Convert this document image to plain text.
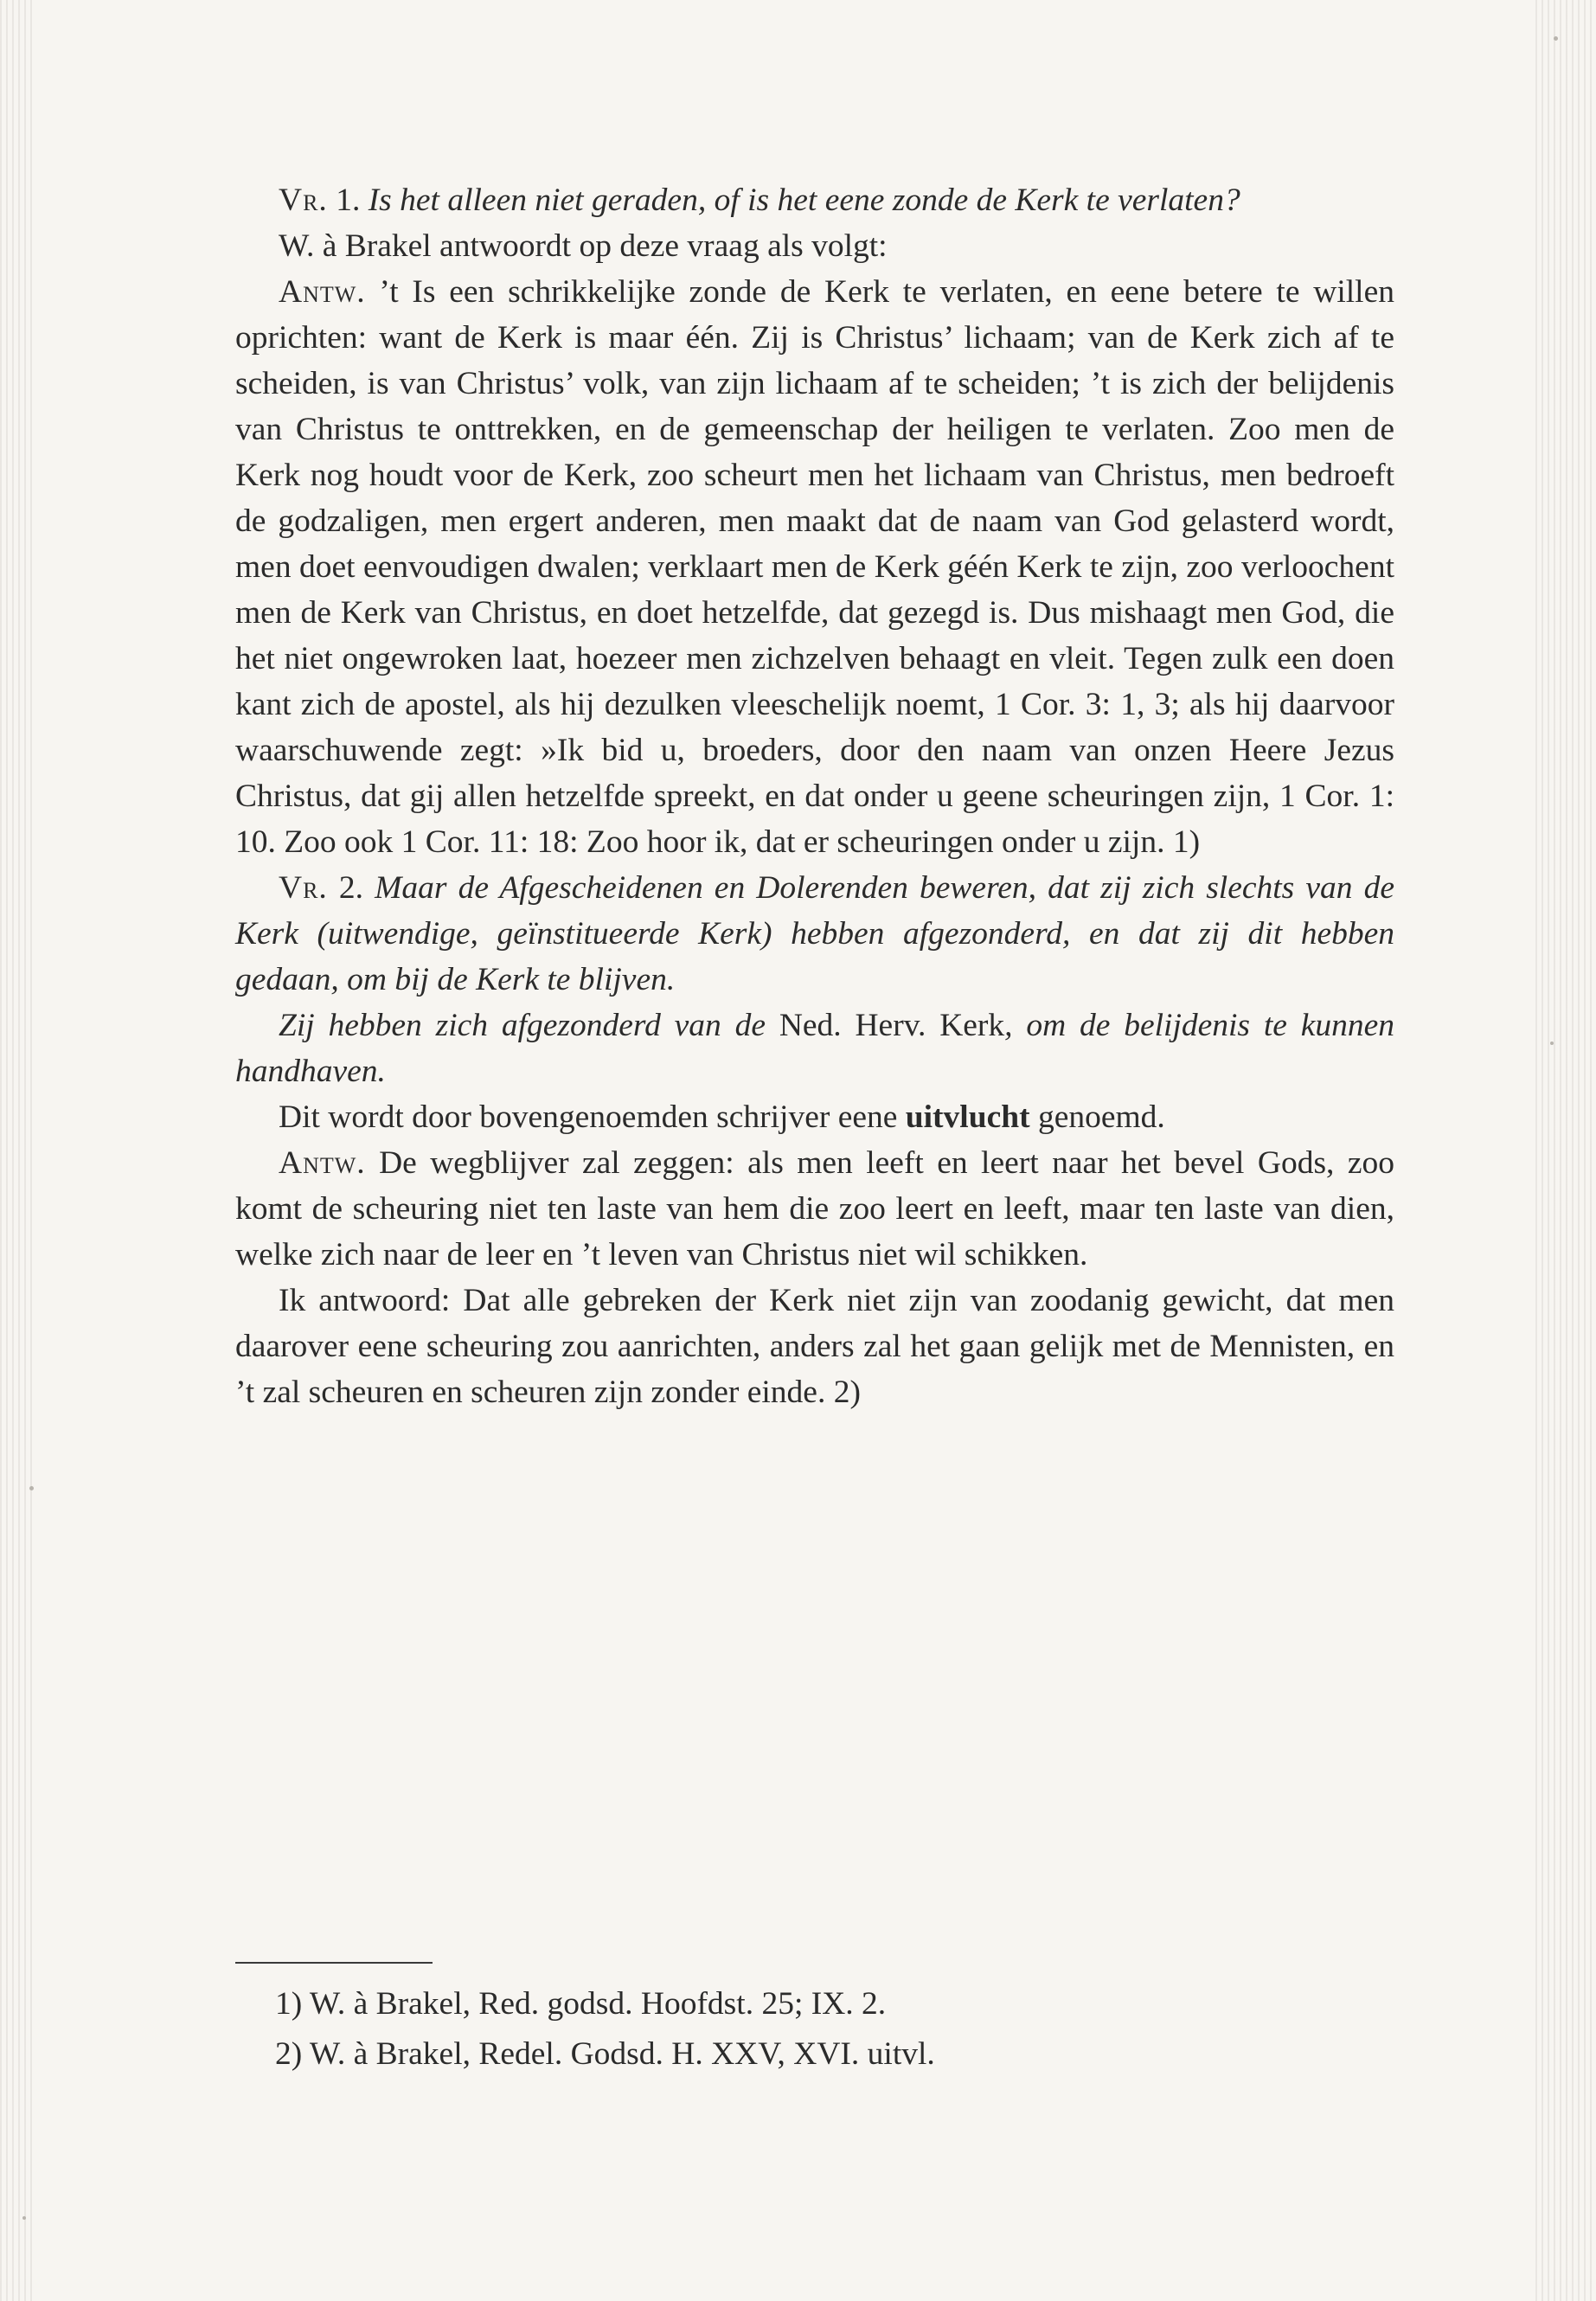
Vr. 1. Is het alleen niet geraden, of is het eene zonde de Kerk te verlaten?

W. à Brakel antwoordt op deze vraag als volgt:

Antw. ’t Is een schrikkelijke zonde de Kerk te verlaten, en eene betere te willen oprichten: want de Kerk is maar één. Zij is Christus’ lichaam; van de Kerk zich af te scheiden, is van Christus’ volk, van zijn lichaam af te scheiden; ’t is zich der belijdenis van Christus te onttrekken, en de gemeenschap der heiligen te verlaten. Zoo men de Kerk nog houdt voor de Kerk, zoo scheurt men het lichaam van Christus, men bedroeft de godzaligen, men ergert anderen, men maakt dat de naam van God gelasterd wordt, men doet eenvoudigen dwalen; verklaart men de Kerk géén Kerk te zijn, zoo verloochent men de Kerk van Christus, en doet hetzelfde, dat gezegd is. Dus mishaagt men God, die het niet ongewroken laat, hoezeer men zichzelven behaagt en vleit. Tegen zulk een doen kant zich de apostel, als hij dezulken vleeschelijk noemt, 1 Cor. 3: 1, 3; als hij daarvoor waarschuwende zegt: »Ik bid u, broeders, door den naam van onzen Heere Jezus Christus, dat gij allen hetzelfde spreekt, en dat onder u geene scheuringen zijn, 1 Cor. 1: 10. Zoo ook 1 Cor. 11: 18: Zoo hoor ik, dat er scheuringen onder u zijn. 1)

Vr. 2. Maar de Afgescheidenen en Dolerenden beweren, dat zij zich slechts van de Kerk (uitwendige, geïnstitueerde Kerk) hebben afgezonderd, en dat zij dit hebben gedaan, om bij de Kerk te blijven.

Zij hebben zich afgezonderd van de Ned. Herv. Kerk, om de belijdenis te kunnen handhaven.

Dit wordt door bovengenoemden schrijver eene uitvlucht genoemd.

Antw. De wegblijver zal zeggen: als men leeft en leert naar het bevel Gods, zoo komt de scheuring niet ten laste van hem die zoo leert en leeft, maar ten laste van dien, welke zich naar de leer en ’t leven van Christus niet wil schikken.

Ik antwoord: Dat alle gebreken der Kerk niet zijn van zoodanig gewicht, dat men daarover eene scheuring zou aanrichten, anders zal het gaan gelijk met de Mennisten, en ’t zal scheuren en scheuren zijn zonder einde. 2)

1) W. à Brakel, Red. godsd. Hoofdst. 25; IX. 2.

2) W. à Brakel, Redel. Godsd. H. XXV, XVI. uitvl.
